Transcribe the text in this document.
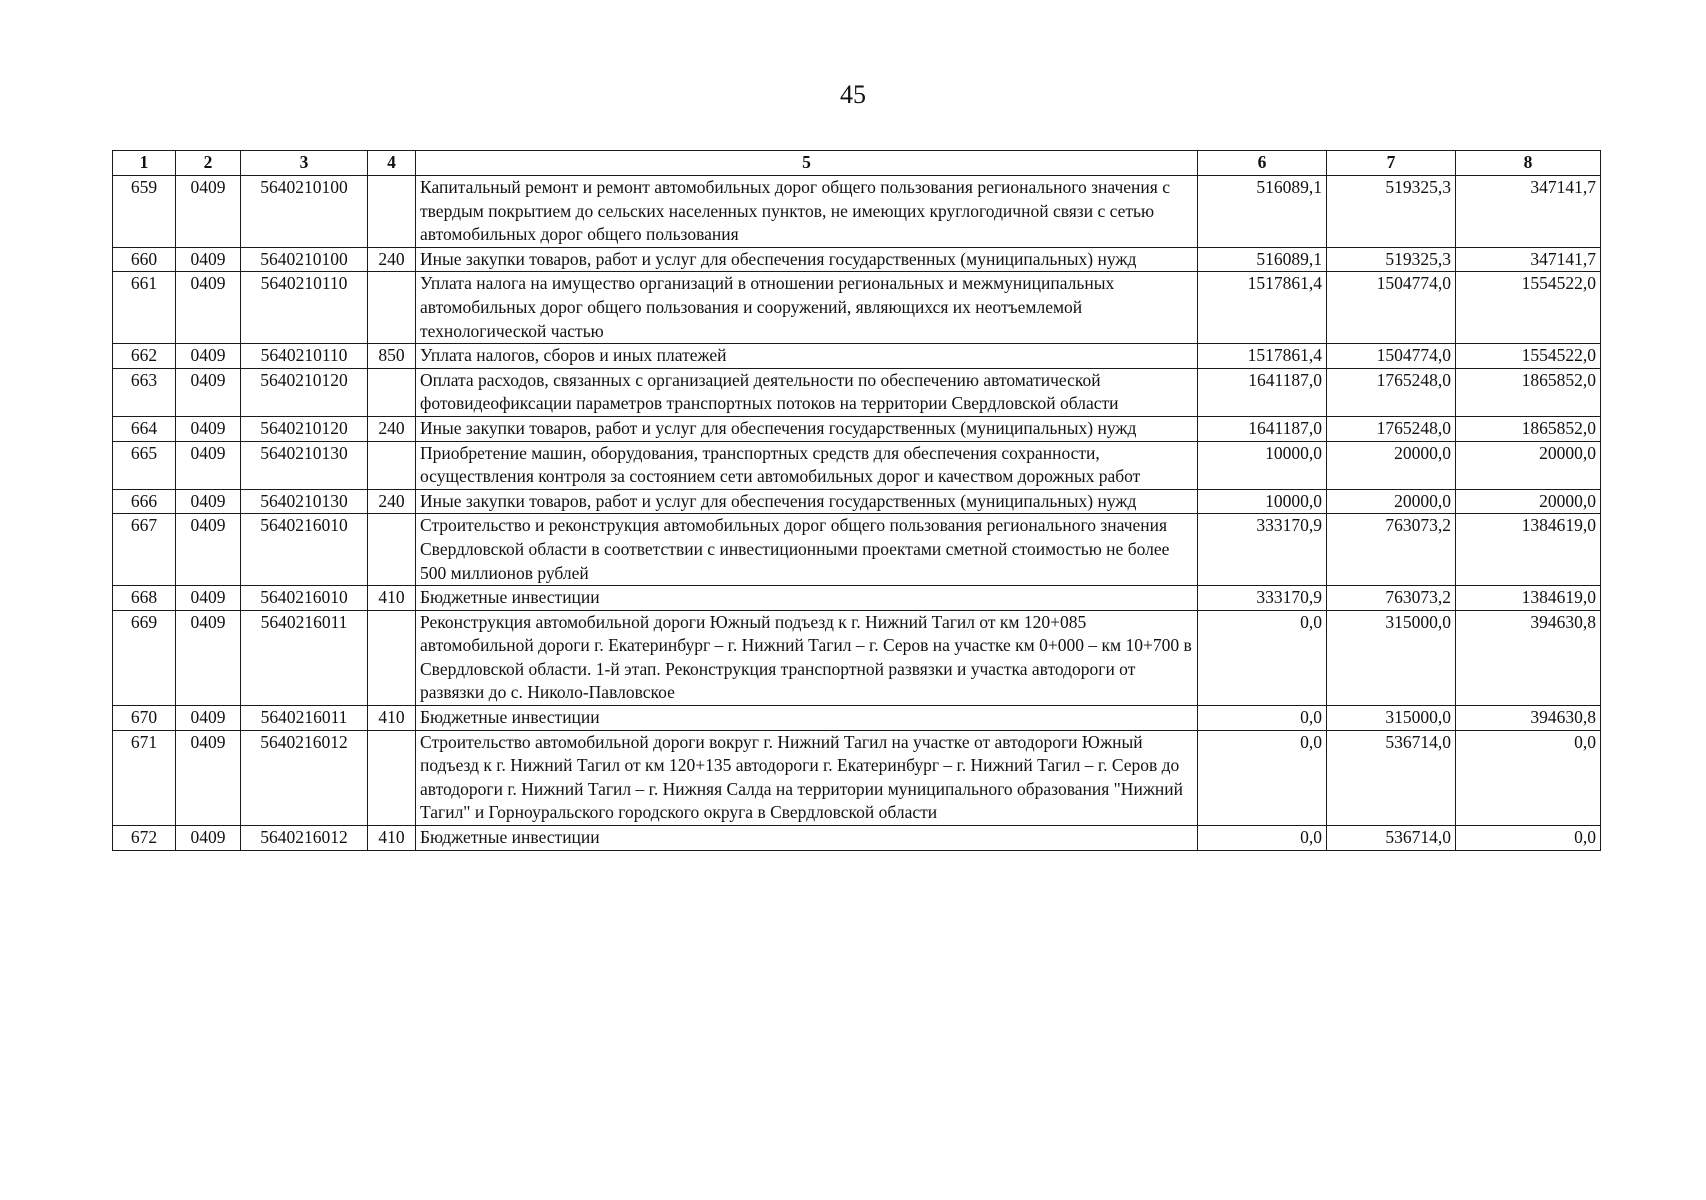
45
1	2	3	4	5	6	7	8
659	0409	5640210100		Капитальный ремонт и ремонт автомобильных дорог общего пользования регионального значения с твердым покрытием до сельских населенных пунктов, не имеющих круглогодичной связи с сетью автомобильных дорог общего пользования	516089,1	519325,3	347141,7
660	0409	5640210100	240	Иные закупки товаров, работ и услуг для обеспечения государственных (муниципальных) нужд	516089,1	519325,3	347141,7
661	0409	5640210110		Уплата налога на имущество организаций в отношении региональных и межмуниципальных автомобильных дорог общего пользования и сооружений, являющихся их неотъемлемой технологической частью	1517861,4	1504774,0	1554522,0
662	0409	5640210110	850	Уплата налогов, сборов и иных платежей	1517861,4	1504774,0	1554522,0
663	0409	5640210120		Оплата расходов, связанных с организацией деятельности по обеспечению автоматической фотовидеофиксации параметров транспортных потоков на территории Свердловской области	1641187,0	1765248,0	1865852,0
664	0409	5640210120	240	Иные закупки товаров, работ и услуг для обеспечения государственных (муниципальных) нужд	1641187,0	1765248,0	1865852,0
665	0409	5640210130		Приобретение машин, оборудования, транспортных средств для обеспечения сохранности, осуществления контроля за состоянием сети автомобильных дорог и качеством дорожных работ	10000,0	20000,0	20000,0
666	0409	5640210130	240	Иные закупки товаров, работ и услуг для обеспечения государственных (муниципальных) нужд	10000,0	20000,0	20000,0
667	0409	5640216010		Строительство и реконструкция автомобильных дорог общего пользования регионального значения Свердловской области в соответствии с инвестиционными проектами сметной стоимостью не более 500 миллионов рублей	333170,9	763073,2	1384619,0
668	0409	5640216010	410	Бюджетные инвестиции	333170,9	763073,2	1384619,0
669	0409	5640216011		Реконструкция автомобильной дороги Южный подъезд к г. Нижний Тагил от км 120+085 автомобильной дороги г. Екатеринбург – г. Нижний Тагил – г. Серов на участке км 0+000 – км 10+700 в Свердловской области. 1-й этап. Реконструкция транспортной развязки и участка автодороги от развязки до с. Николо-Павловское	0,0	315000,0	394630,8
670	0409	5640216011	410	Бюджетные инвестиции	0,0	315000,0	394630,8
671	0409	5640216012		Строительство автомобильной дороги вокруг г. Нижний Тагил на участке от автодороги Южный подъезд к г. Нижний Тагил от км 120+135 автодороги г. Екатеринбург – г. Нижний Тагил – г. Серов до автодороги г. Нижний Тагил – г. Нижняя Салда на территории муниципального образования "Нижний Тагил" и Горноуральского городского округа в Свердловской области	0,0	536714,0	0,0
672	0409	5640216012	410	Бюджетные инвестиции	0,0	536714,0	0,0
